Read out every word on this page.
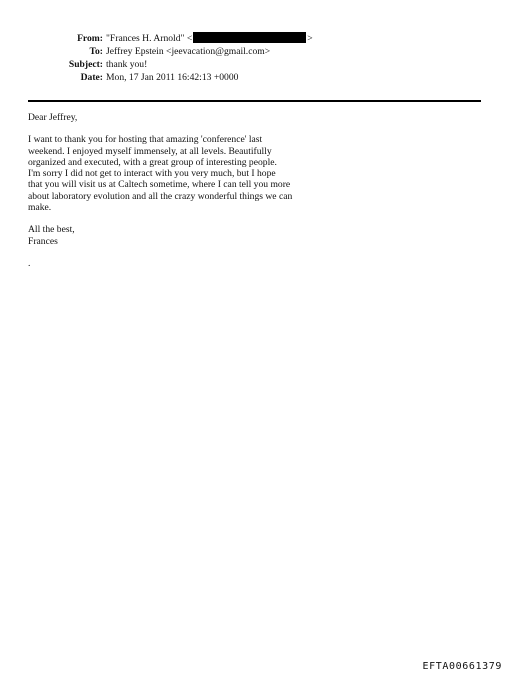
From: "Frances H. Arnold" <	>
To: Jeffrey Epstein <jeevacation@gmail.com>
Subject: thank you!
Date: Mon, 17 Jan 2011 16:42:13 +0000

Dear Jeffrey,

I want to thank you for hosting that amazing 'conference' last
weekend. I enjoyed myself immensely, at all levels. Beautifully
organized and executed, with a great group of interesting people.
I'm sorry I did not get to interact with you very much, but I hope
that you will visit us at Caltech sometime, where I can tell you more
about laboratory evolution and all the crazy wonderful things we can
make.

All the best,
Frances

.
EFTA00661379
